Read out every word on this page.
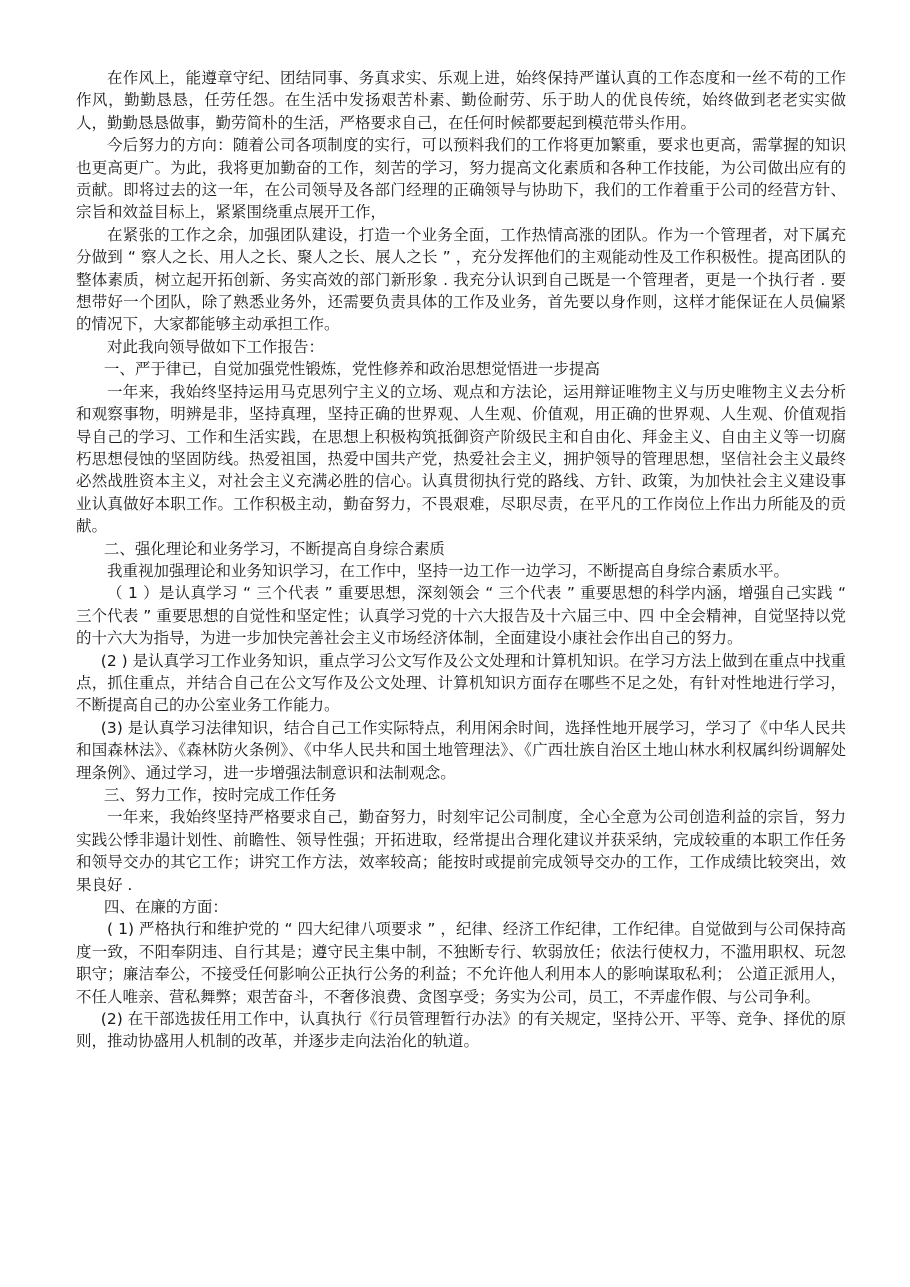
在作风上，能遵章守纪、团结同事、务真求实、乐观上进，始终保持严谨认真的工作态度和一丝不苟的工作作风，勤勤恳恳，任劳任怨。在生活中发扬艰苦朴素、勤俭耐劳、乐于助人的优良传统，始终做到老老实实做人，勤勤恳恳做事，勤劳简朴的生活，严格要求自己，在任何时候都要起到模范带头作用。

今后努力的方向：随着公司各项制度的实行，可以预料我们的工作将更加繁重，要求也更高，需掌握的知识也更高更广。为此，我将更加勤奋的工作，刻苦的学习，努力提高文化素质和各种工作技能，为公司做出应有的贡献。即将过去的这一年，在公司领导及各部门经理的正确领导与协助下，我们的工作着重于公司的经营方针、宗旨和效益目标上，紧紧围绕重点展开工作，

在紧张的工作之余，加强团队建设，打造一个业务全面，工作热情高涨的团队。作为一个管理者，对下属充分做到 “ 察人之长、用人之长、聚人之长、展人之长 ” ，充分发挥他们的主观能动性及工作积极性。提高团队的整体素质，树立起开拓创新、务实高效的部门新形象 . 我充分认识到自己既是一个管理者，更是一个执行者 . 要想带好一个团队，除了熟悉业务外，还需要负责具体的工作及业务，首先要以身作则，这样才能保证在人员偏紧的情况下，大家都能够主动承担工作。

对此我向领导做如下工作报告：

一、严于律已，自觉加强党性锻炼，党性修养和政治思想觉悟进一步提高

一年来，我始终坚持运用马克思列宁主义的立场、观点和方法论，运用辩证唯物主义与历史唯物主义去分析和观察事物，明辨是非，坚持真理，坚持正确的世界观、人生观、价值观，用正确的世界观、人生观、价值观指导自己的学习、工作和生活实践，在思想上积极构筑抵御资产阶级民主和自由化、拜金主义、自由主义等一切腐朽思想侵蚀的坚固防线。热爱祖国，热爱中国共产党，热爱社会主义，拥护领导的管理思想，坚信社会主义最终必然战胜资本主义，对社会主义充满必胜的信心。认真贯彻执行党的路线、方针、政策，为加快社会主义建设事业认真做好本职工作。工作积极主动，勤奋努力，不畏艰难，尽职尽责，在平凡的工作岗位上作出力所能及的贡献。

二、强化理论和业务学习，不断提高自身综合素质

我重视加强理论和业务知识学习，在工作中，坚持一边工作一边学习，不断提高自身综合素质水平。

（ 1 ）是认真学习 “ 三个代表 ” 重要思想，深刻领会 “ 三个代表 ” 重要思想的科学内涵，增强自己实践 “ 三个代表 ” 重要思想的自觉性和坚定性；认真学习党的十六大报告及十六届三中、四 中全会精神，自觉坚持以党的十六大为指导，为进一步加快完善社会主义市场经济体制，全面建设小康社会作出自己的努力。

(2 ) 是认真学习工作业务知识，重点学习公文写作及公文处理和计算机知识。在学习方法上做到在重点中找重点，抓住重点，并结合自己在公文写作及公文处理、计算机知识方面存在哪些不足之处，有针对性地进行学习，不断提高自己的办公室业务工作能力。

(3) 是认真学习法律知识，结合自己工作实际特点，利用闲余时间，选择性地开展学习，学习了《中华人民共和国森林法》、《森林防火条例》、《中华人民共和国土地管理法》、《广西壮族自治区土地山林水利权属纠纷调解处理条例》、通过学习，进一步增强法制意识和法制观念。

三、努力工作，按时完成工作任务

一年来，我始终坚持严格要求自己，勤奋努力，时刻牢记公司制度，全心全意为公司创造利益的宗旨，努力实践公悸非遢计划性、前瞻性、领导性强；开拓进取，经常提出合理化建议并获采纳，完成较重的本职工作任务和领导交办的其它工作；讲究工作方法，效率较高；能按时或提前完成领导交办的工作，工作成绩比较突出，效果良好 .

四、在廉的方面：

( 1) 严格执行和维护党的 “ 四大纪律八项要求 ” ，纪律、经济工作纪律，工作纪律。自觉做到与公司保持高度一致，不阳奉阴违、自行其是；遵守民主集中制，不独断专行、软弱放任；依法行使权力，不滥用职权、玩忽职守；廉洁奉公，不接受任何影响公正执行公务的利益；不允许他人利用本人的影响谋取私利； 公道正派用人，不任人唯亲、营私舞弊；艰苦奋斗，不奢侈浪费、贪图享受；务实为公司，员工，不弄虚作假、与公司争利。

(2) 在干部选拔任用工作中，认真执行《行员管理暂行办法》的有关规定，坚持公开、平等、竞争、择优的原则，推动协盛用人机制的改革，并逐步走向法治化的轨道。
